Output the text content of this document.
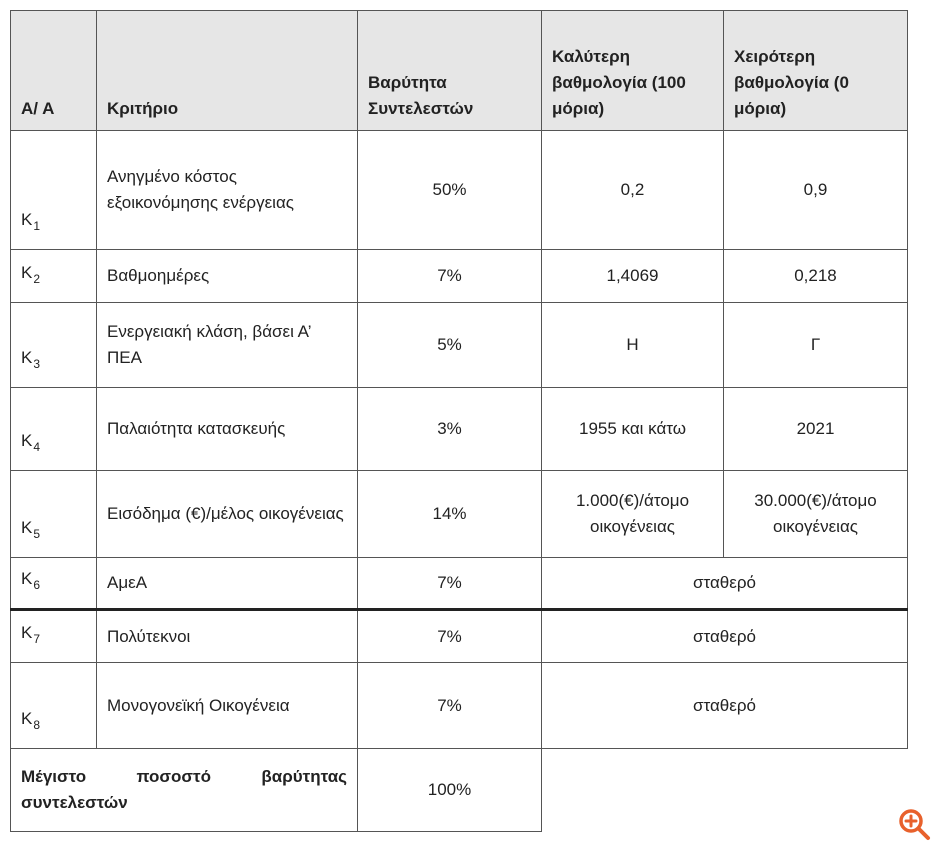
Α/ Α	Κριτήριο	Βαρύτητα Συντελεστών	Καλύτερη βαθμολογία (100 μόρια)	Χειρότερη βαθμολογία (0 μόρια)
$K_1$	Ανηγμένο κόστος εξοικονόμησης ενέργειας	50%	0,2	0,9
$K_2$	Βαθμοημέρες	7%	1,4069	0,218
$K_3$	Ενεργειακή κλάση, βάσει Α’ ΠΕΑ	5%	Η	Γ
$K_4$	Παλαιότητα κατασκευής	3%	1955 και κάτω	2021
$K_5$	Εισόδημα (€)/μέλος οικογένειας	14%	1.000(€)/άτομο οικογένειας	30.000(€)/άτομο οικογένειας
$K_6$	ΑμεΑ	7%	σταθερό	
$K_7$	Πολύτεκνοι	7%	σταθερό	
$K_8$	Μονογονεϊκή Οικογένεια	7%	σταθερό	
Μέγιστο ποσοστό βαρύτητας συντελεστών		100%		
